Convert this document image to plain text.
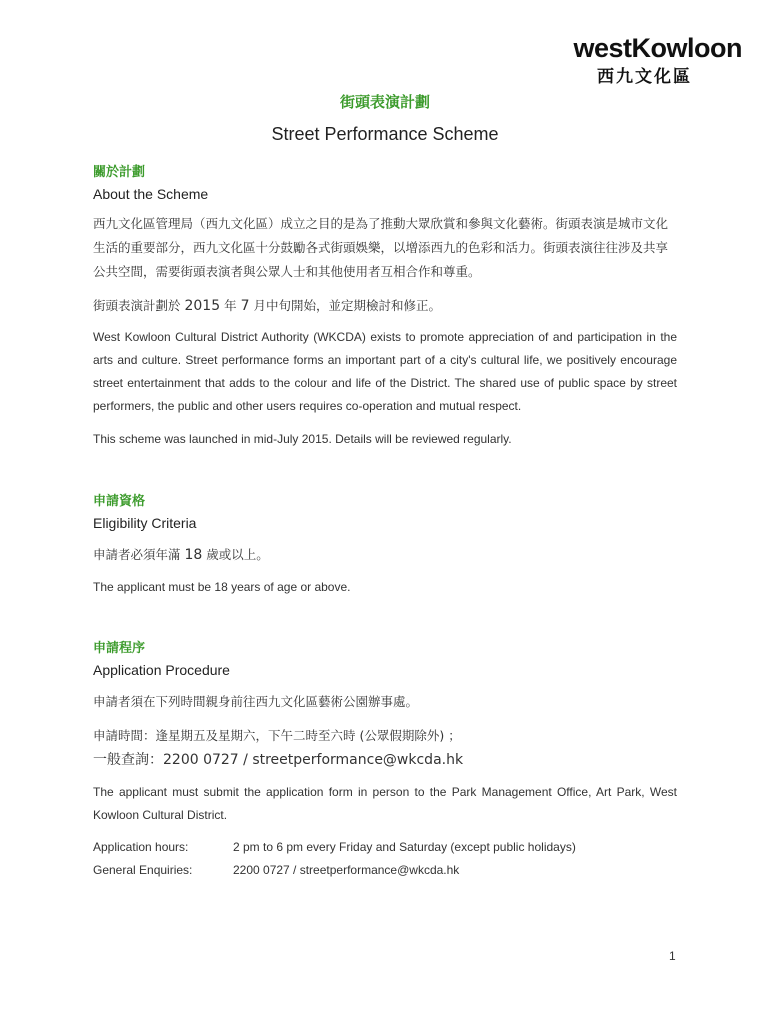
westKowloon
西九文化區

街頭表演計劃

Street Performance Scheme

關於計劃

About the Scheme

西九文化區管理局（西九文化區）成立之目的是為了推動大眾欣賞和參與文化藝術。街頭表演是城市文化生活的重要部分，西九文化區十分鼓勵各式街頭娛樂，以增添西九的色彩和活力。街頭表演往往涉及共享公共空間，需要街頭表演者與公眾人士和其他使用者互相合作和尊重。

街頭表演計劃於 2015 年 7 月中旬開始，並定期檢討和修正。

West Kowloon Cultural District Authority (WKCDA) exists to promote appreciation of and participation in the arts and culture. Street performance forms an important part of a city's cultural life, we positively encourage street entertainment that adds to the colour and life of the District. The shared use of public space by street performers, the public and other users requires co-operation and mutual respect.

This scheme was launched in mid-July 2015. Details will be reviewed regularly.

申請資格

Eligibility Criteria

申請者必須年滿 18 歲或以上。

The applicant must be 18 years of age or above.

申請程序

Application Procedure

申請者須在下列時間親身前往西九文化區藝術公園辦事處。

申請時間：逢星期五及星期六，下午二時至六時 (公眾假期除外) ；

一般查詢：2200 0727 / streetperformance@wkcda.hk

The applicant must submit the application form in person to the Park Management Office, Art Park, West Kowloon Cultural District.

Application hours:	2 pm to 6 pm every Friday and Saturday (except public holidays)
General Enquiries:	2200 0727 / streetperformance@wkcda.hk
1
